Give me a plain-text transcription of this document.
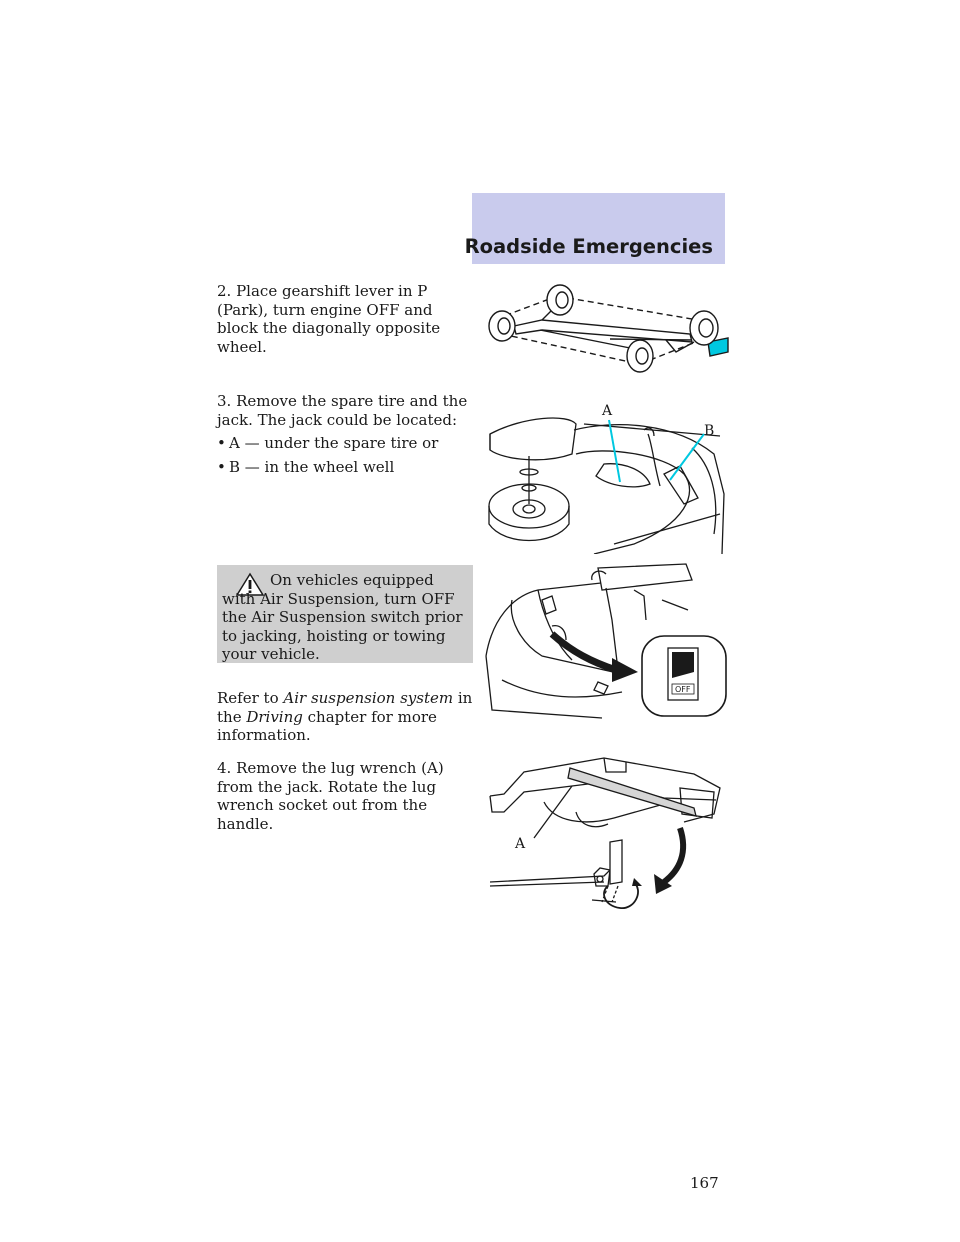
Roadside Emergencies

2. Place gearshift lever in P (Park), turn engine OFF and block the diagonally opposite wheel.

3. Remove the spare tire and the jack. The jack could be located:

• A — under the spare tire or
• B — in the wheel well
A
B

On vehicles equipped with Air Suspension, turn OFF the Air Suspension switch prior to jacking, hoisting or towing your vehicle.

OFF

Refer to Air suspension system in the Driving chapter for more information.

4. Remove the lug wrench (A) from the jack. Rotate the lug wrench socket out from the handle.

A
167
